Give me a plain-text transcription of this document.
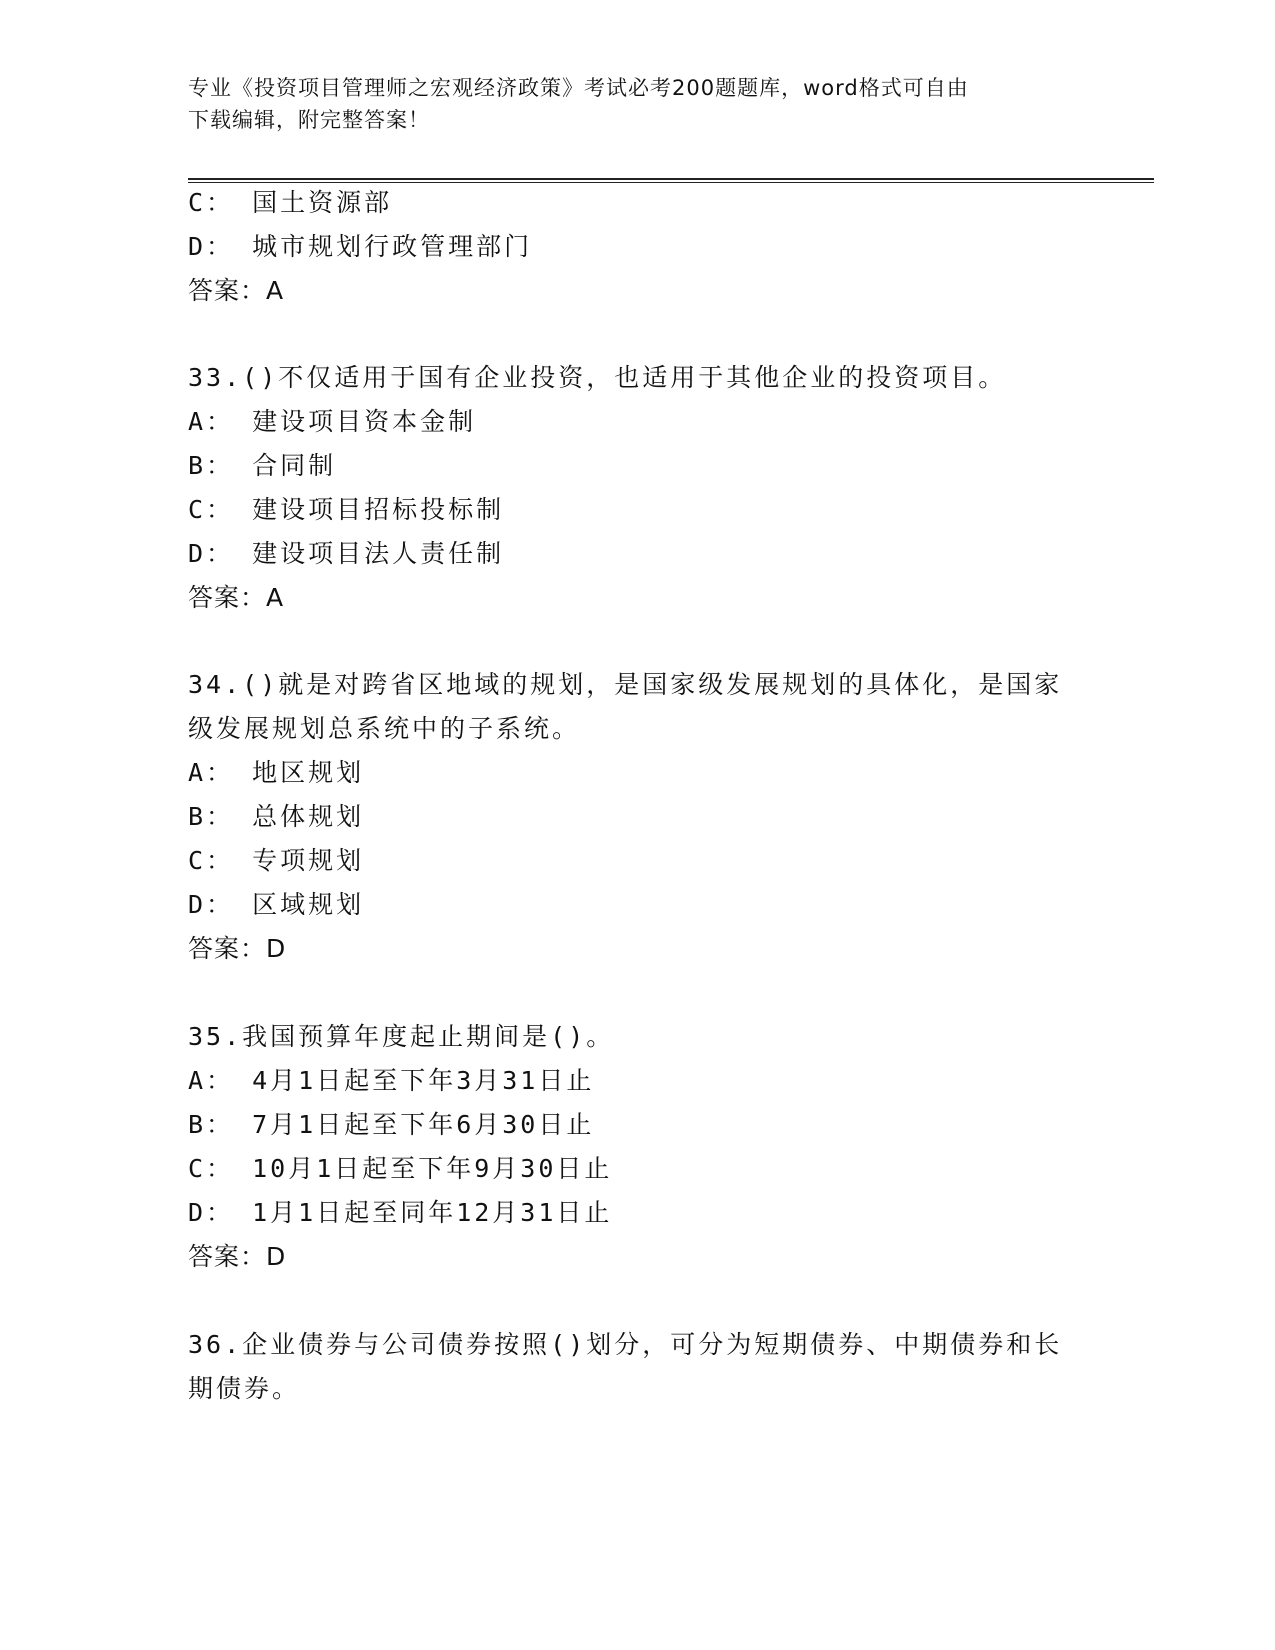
专业《投资项目管理师之宏观经济政策》考试必考200题题库，word格式可自由
下载编辑，附完整答案！
C： 国土资源部
D： 城市规划行政管理部门
答案：A
33.()不仅适用于国有企业投资，也适用于其他企业的投资项目。
A： 建设项目资本金制
B： 合同制
C： 建设项目招标投标制
D： 建设项目法人责任制
答案：A
34.()就是对跨省区地域的规划，是国家级发展规划的具体化，是国家
级发展规划总系统中的子系统。
A： 地区规划
B： 总体规划
C： 专项规划
D： 区域规划
答案：D
35.我国预算年度起止期间是()。
A： 4月1日起至下年3月31日止
B： 7月1日起至下年6月30日止
C： 10月1日起至下年9月30日止
D： 1月1日起至同年12月31日止
答案：D
36.企业债券与公司债券按照()划分，可分为短期债券、中期债券和长
期债券。
